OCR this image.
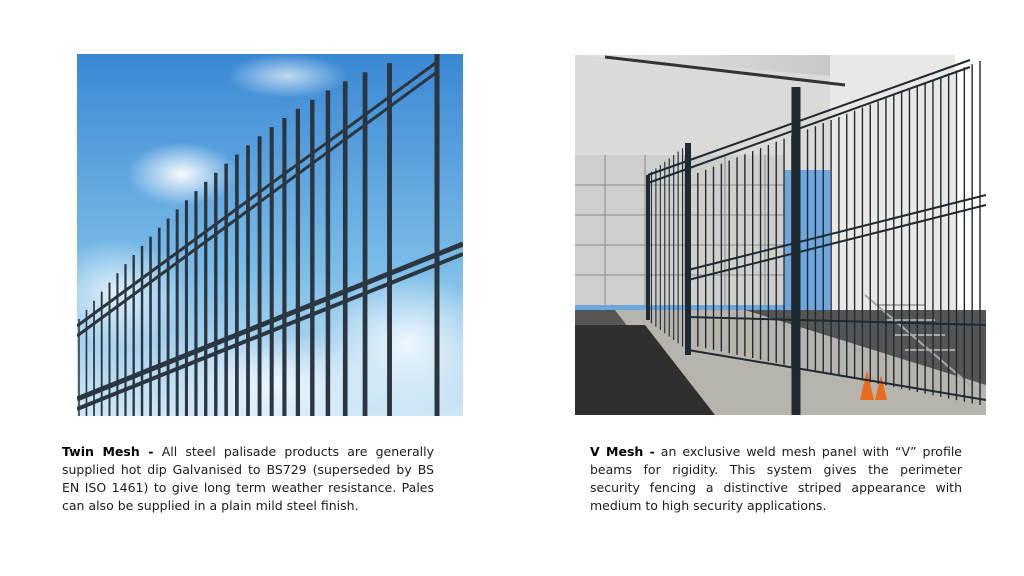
Twin Mesh - All steel palisade products are generally supplied hot dip Galvanised to BS729 (superseded by BS EN ISO 1461) to give long term weather resistance. Pales can also be supplied in a plain mild steel finish.
V Mesh - an exclusive weld mesh panel with “V” profile beams for rigidity. This system gives the perimeter security fencing a distinctive striped appearance with medium to high security applications.
